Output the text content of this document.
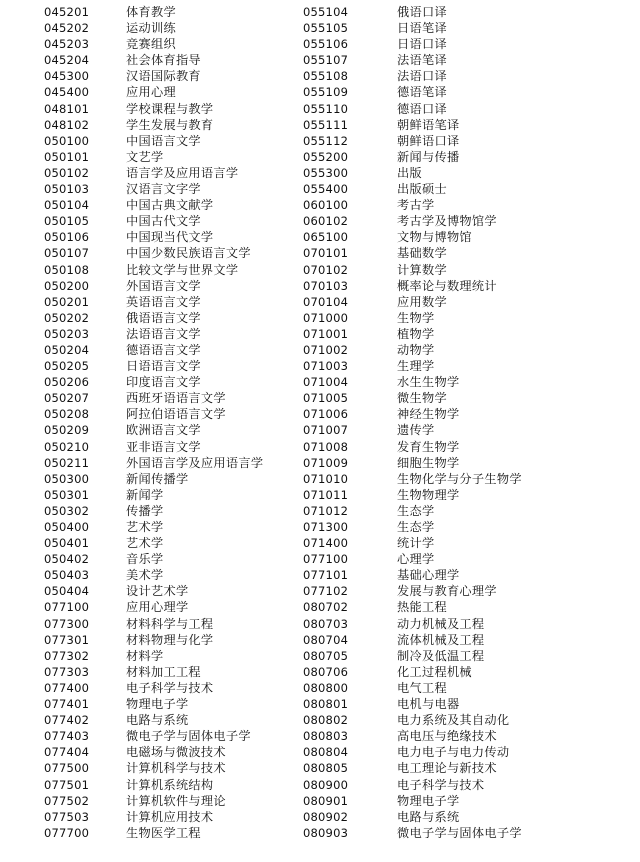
045201	体育教学
045202	运动训练
045203	竞赛组织
045204	社会体育指导
045300	汉语国际教育
045400	应用心理
048101	学校课程与教学
048102	学生发展与教育
050100	中国语言文学
050101	文艺学
050102	语言学及应用语言学
050103	汉语言文字学
050104	中国古典文献学
050105	中国古代文学
050106	中国现当代文学
050107	中国少数民族语言文学
050108	比较文学与世界文学
050200	外国语言文学
050201	英语语言文学
050202	俄语语言文学
050203	法语语言文学
050204	德语语言文学
050205	日语语言文学
050206	印度语言文学
050207	西班牙语语言文学
050208	阿拉伯语语言文学
050209	欧洲语言文学
050210	亚非语言文学
050211	外国语言学及应用语言学
050300	新闻传播学
050301	新闻学
050302	传播学
050400	艺术学
050401	艺术学
050402	音乐学
050403	美术学
050404	设计艺术学
077100	应用心理学
077300	材料科学与工程
077301	材料物理与化学
077302	材料学
077303	材料加工工程
077400	电子科学与技术
077401	物理电子学
077402	电路与系统
077403	微电子学与固体电子学
077404	电磁场与微波技术
077500	计算机科学与技术
077501	计算机系统结构
077502	计算机软件与理论
077503	计算机应用技术
077700	生物医学工程
055104	俄语口译
055105	日语笔译
055106	日语口译
055107	法语笔译
055108	法语口译
055109	德语笔译
055110	德语口译
055111	朝鲜语笔译
055112	朝鲜语口译
055200	新闻与传播
055300	出版
055400	出版硕士
060100	考古学
060102	考古学及博物馆学
065100	文物与博物馆
070101	基础数学
070102	计算数学
070103	概率论与数理统计
070104	应用数学
071000	生物学
071001	植物学
071002	动物学
071003	生理学
071004	水生生物学
071005	微生物学
071006	神经生物学
071007	遗传学
071008	发育生物学
071009	细胞生物学
071010	生物化学与分子生物学
071011	生物物理学
071012	生态学
071300	生态学
071400	统计学
077100	心理学
077101	基础心理学
077102	发展与教育心理学
080702	热能工程
080703	动力机械及工程
080704	流体机械及工程
080705	制冷及低温工程
080706	化工过程机械
080800	电气工程
080801	电机与电器
080802	电力系统及其自动化
080803	高电压与绝缘技术
080804	电力电子与电力传动
080805	电工理论与新技术
080900	电子科学与技术
080901	物理电子学
080902	电路与系统
080903	微电子学与固体电子学
